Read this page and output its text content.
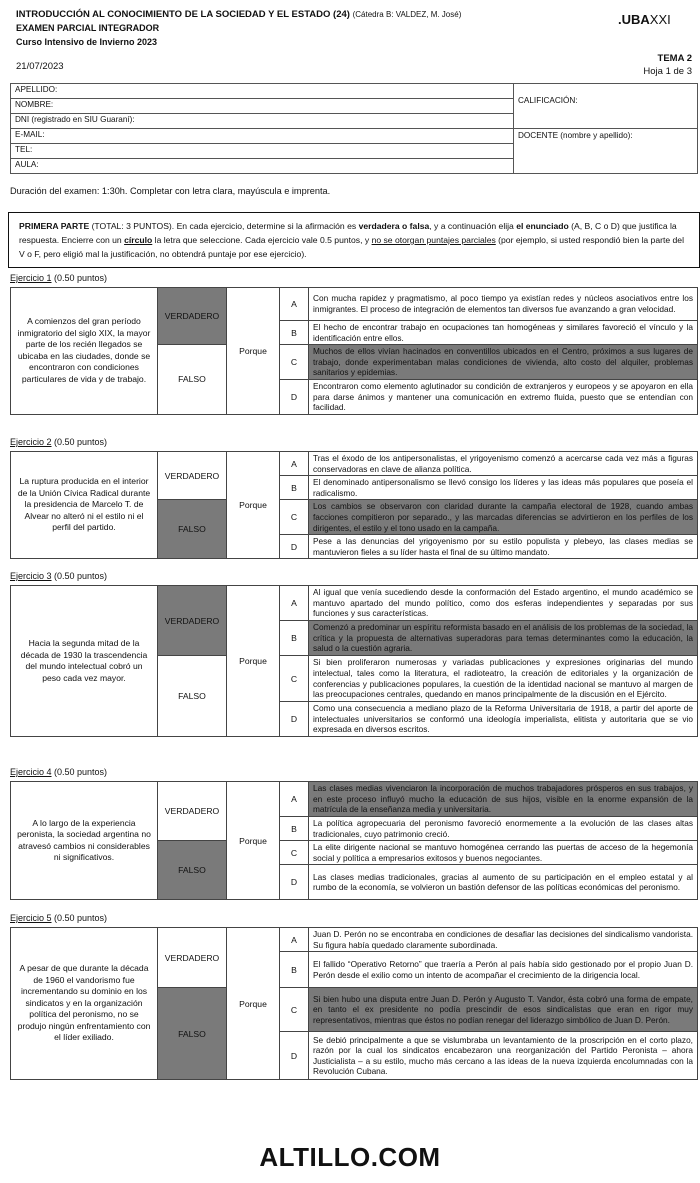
INTRODUCCIÓN AL CONOCIMIENTO DE LA SOCIEDAD Y EL ESTADO (24) (Cátedra B: VALDEZ, M. José)
EXAMEN PARCIAL INTEGRADOR
Curso Intensivo de Invierno 2023
21/07/2023
.UBAXXI
TEMA 2
Hoja 1 de 3
APELLIDO:	CALIFICACIÓN:
NOMBRE:	
DNI (registrado en SIU Guaraní):	
E-MAIL:	DOCENTE (nombre y apellido):
TEL:	
AULA:	
Duración del examen: 1:30h. Completar con letra clara, mayúscula e imprenta.
PRIMERA PARTE (TOTAL: 3 PUNTOS). En cada ejercicio, determine si la afirmación es verdadera o falsa, y a continuación elija el enunciado (A, B, C o D) que justifica la respuesta. Encierre con un círculo la letra que seleccione. Cada ejercicio vale 0.5 puntos, y no se otorgan puntajes parciales (por ejemplo, si usted respondió bien la parte del V o F, pero eligió mal la justificación, no obtendrá puntaje por ese ejercicio).
Ejercicio 1 (0.50 puntos)
A comienzos del gran período inmigratorio del siglo XIX, la mayor parte de los recién llegados se ubicaba en las ciudades, donde se encontraron con condiciones particulares de vida y de trabajo.	VERDADERO	Porque	A	Con mucha rapidez y pragmatismo, al poco tiempo ya existían redes y núcleos asociativos entre los inmigrantes. El proceso de integración de elementos tan diversos fue avanzando a gran velocidad.
			B	El hecho de encontrar trabajo en ocupaciones tan homogéneas y similares favoreció el vínculo y la identificación entre ellos.
	FALSO		C	Muchos de ellos vivían hacinados en conventillos ubicados en el Centro, próximos a sus lugares de trabajo, donde experimentaban malas condiciones de vivienda, alto costo del alquiler, problemas sanitarios y epidemias.
			D	Encontraron como elemento aglutinador su condición de extranjeros y europeos y se apoyaron en ella para darse ánimos y mantener una comunicación en extremo fluida, puesto que se entendían con facilidad.
Ejercicio 2 (0.50 puntos)
La ruptura producida en el interior de la Unión Cívica Radical durante la presidencia de Marcelo T. de Alvear no alteró ni el estilo ni el perfil del partido.	VERDADERO	Porque	A	Tras el éxodo de los antipersonalistas, el yrigoyenismo comenzó a acercarse cada vez más a figuras conservadoras en clave de alianza política.
			B	El denominado antipersonalismo se llevó consigo los líderes y las ideas más populares que poseía el radicalismo.
	FALSO		C	Los cambios se observaron con claridad durante la campaña electoral de 1928, cuando ambas facciones compitieron por separado., y las marcadas diferencias se advirtieron en los perfiles de los dirigentes, el estilo y el tono usado en la campaña.
			D	Pese a las denuncias del yrigoyenismo por su estilo populista y plebeyo, las clases medias se mantuvieron fieles a su líder hasta el final de su último mandato.
Ejercicio 3 (0.50 puntos)
Hacia la segunda mitad de la década de 1930 la trascendencia del mundo intelectual cobró un peso cada vez mayor.	VERDADERO	Porque	A	Al igual que venía sucediendo desde la conformación del Estado argentino, el mundo académico se mantuvo apartado del mundo político, como dos esferas independientes y separadas por sus funciones y sus características.
			B	Comenzó a predominar un espíritu reformista basado en el análisis de los problemas de la sociedad, la crítica y la propuesta de alternativas superadoras para temas determinantes como la educación, la salud o la cuestión agraria.
	FALSO		C	Si bien proliferaron numerosas y variadas publicaciones y expresiones originarias del mundo intelectual, tales como la literatura, el radioteatro, la creación de editoriales y la organización de conferencias y publicaciones populares, la cuestión de la identidad nacional se mantuvo al margen de las preocupaciones centrales, quedando en manos principalmente de la discusión en el Ejército.
			D	Como una consecuencia a mediano plazo de la Reforma Universitaria de 1918, a partir del aporte de intelectuales universitarios se conformó una ideología imperialista, elitista y autoritaria que se vio expresada en diversos escritos.
Ejercicio 4 (0.50 puntos)
A lo largo de la experiencia peronista, la sociedad argentina no atravesó cambios ni considerables ni significativos.	VERDADERO	Porque	A	Las clases medias vivenciaron la incorporación de muchos trabajadores prósperos en sus trabajos, y en este proceso influyó mucho la educación de sus hijos, visible en la enorme expansión de la matrícula de la enseñanza media y universitaria.
			B	La política agropecuaria del peronismo favoreció enormemente a la evolución de las clases altas tradicionales, cuyo patrimonio creció.
	FALSO		C	La elite dirigente nacional se mantuvo homogénea cerrando las puertas de acceso de la hegemonía social y política a empresarios exitosos y buenos negociantes.
			D	Las clases medias tradicionales, gracias al aumento de su participación en el empleo estatal y al rumbo de la economía, se volvieron un bastión defensor de las políticas económicas del peronismo.
Ejercicio 5 (0.50 puntos)
A pesar de que durante la década de 1960 el vandorismo fue incrementando su dominio en los sindicatos y en la organización política del peronismo, no se produjo ningún enfrentamiento con el líder exiliado.	VERDADERO	Porque	A	Juan D. Perón no se encontraba en condiciones de desafiar las decisiones del sindicalismo vandorista. Su figura había quedado claramente subordinada.
			B	El fallido “Operativo Retorno” que traería a Perón al país había sido gestionado por el propio Juan D. Perón desde el exilio como un intento de acompañar el crecimiento de la dirigencia local.
	FALSO		C	Si bien hubo una disputa entre Juan D. Perón y Augusto T. Vandor, ésta cobró una forma de empate, en tanto el ex presidente no podía prescindir de esos sindicalistas que eran en rigor muy representativos, mientras que éstos no podían renegar del liderazgo simbólico de Juan D. Perón.
			D	Se debió principalmente a que se vislumbraba un levantamiento de la proscripción en el corto plazo, razón por la cual los sindicatos encabezaron una reorganización del Partido Peronista – ahora Justicialista – a su estilo, mucho más cercano a las ideas de la nueva izquierda encolumnadas con la Revolución Cubana.
ALTILLO.COM
